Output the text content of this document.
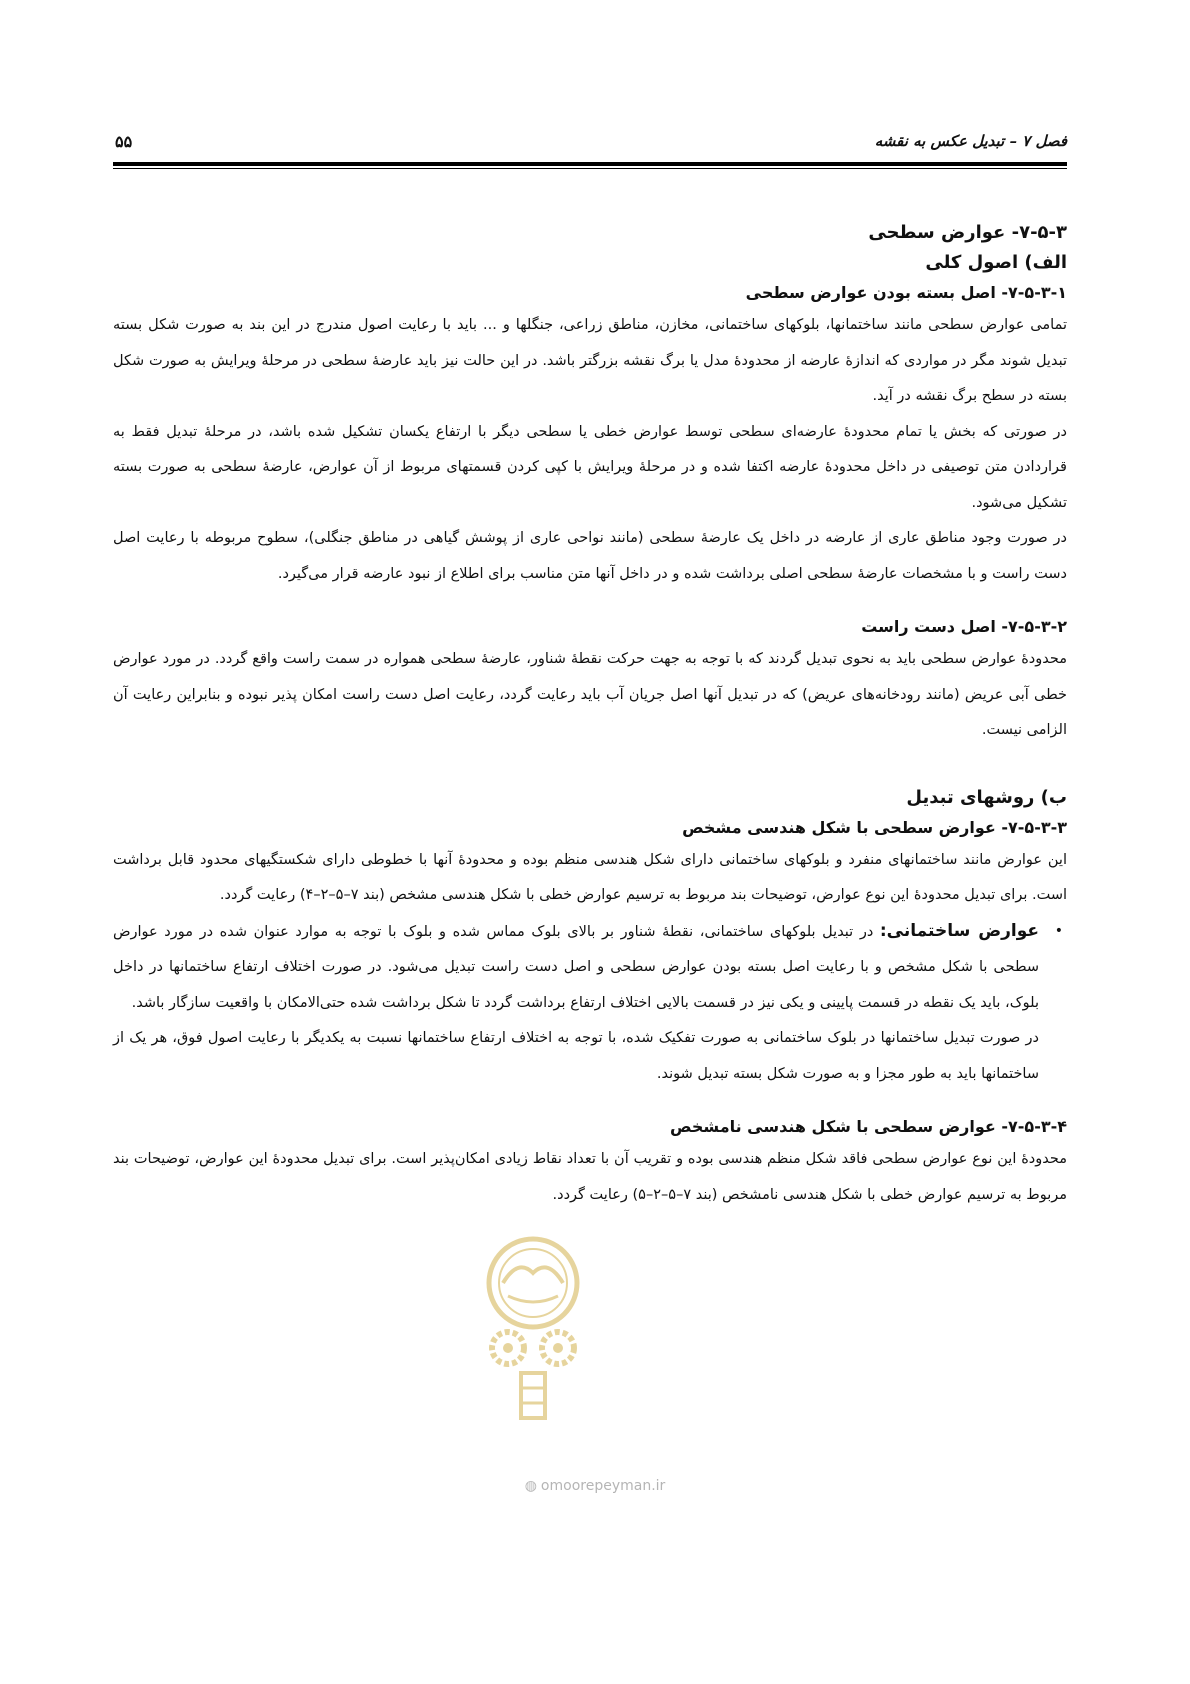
فصل ۷ – تبدیل عکس به نقشه
۵۵

۷-۵-۳- عوارض سطحی

الف) اصول کلی

۷-۵-۳-۱- اصل بسته بودن عوارض سطحی

تمامی عوارض سطحی مانند ساختمانها، بلوکهای ساختمانی، مخازن، مناطق زراعی، جنگلها و ... باید با رعایت اصول مندرج در این بند به صورت شکل بسته تبدیل شوند مگر در مواردی که اندازهٔ عارضه از محدودهٔ مدل یا برگ نقشه بزرگتر باشد. در این حالت نیز باید عارضهٔ سطحی در مرحلهٔ ویرایش به صورت شکل بسته در سطح برگ نقشه در آید.

در صورتی که بخش یا تمام محدودهٔ عارضه‌ای سطحی توسط عوارض خطی یا سطحی دیگر با ارتفاع یکسان تشکیل شده باشد، در مرحلهٔ تبدیل فقط به قراردادن متن توصیفی در داخل محدودهٔ عارضه اکتفا شده و در مرحلهٔ ویرایش با کپی کردن قسمتهای مربوط از آن عوارض، عارضهٔ سطحی به صورت بسته تشکیل می‌شود.

در صورت وجود مناطق عاری از عارضه در داخل یک عارضهٔ سطحی (مانند نواحی عاری از پوشش گیاهی در مناطق جنگلی)، سطوح مربوطه با رعایت اصل دست راست و با مشخصات عارضهٔ سطحی اصلی برداشت شده و در داخل آنها متن مناسب برای اطلاع از نبود عارضه قرار می‌گیرد.

۷-۵-۳-۲- اصل دست راست

محدودهٔ عوارض سطحی باید به نحوی تبدیل گردند که با توجه به جهت حرکت نقطهٔ شناور، عارضهٔ سطحی همواره در سمت راست واقع گردد. در مورد عوارض خطی آبی عریض (مانند رودخانه‌های عریض) که در تبدیل آنها اصل جریان آب باید رعایت گردد، رعایت اصل دست راست امکان پذیر نبوده و بنابراین رعایت آن الزامی نیست.

ب) روشهای تبدیل

۷-۵-۳-۳- عوارض سطحی با شکل هندسی مشخص

این عوارض مانند ساختمانهای منفرد و بلوکهای ساختمانی دارای شکل هندسی منظم بوده و محدودهٔ آنها با خطوطی دارای شکستگیهای محدود قابل برداشت است. برای تبدیل محدودهٔ این نوع عوارض، توضیحات بند مربوط به ترسیم عوارض خطی با شکل هندسی مشخص (بند ۷–۵–۲–۴) رعایت گردد.

•

عوارض ساختمانی: در تبدیل بلوکهای ساختمانی، نقطهٔ شناور بر بالای بلوک مماس شده و بلوک با توجه به موارد عنوان شده در مورد عوارض سطحی با شکل مشخص و با رعایت اصل بسته بودن عوارض سطحی و اصل دست راست تبدیل می‌شود. در صورت اختلاف ارتفاع ساختمانها در داخل بلوک، باید یک نقطه در قسمت پایینی و یکی نیز در قسمت بالایی اختلاف ارتفاع برداشت گردد تا شکل برداشت شده حتی‌الامکان با واقعیت سازگار باشد.

در صورت تبدیل ساختمانها در بلوک ساختمانی به صورت تفکیک شده، با توجه به اختلاف ارتفاع ساختمانها نسبت به یکدیگر با رعایت اصول فوق، هر یک از ساختمانها باید به طور مجزا و به صورت شکل بسته تبدیل شوند.

۷-۵-۳-۴- عوارض سطحی با شکل هندسی نامشخص

محدودهٔ این نوع عوارض سطحی فاقد شکل منظم هندسی بوده و تقریب آن با تعداد نقاط زیادی امکان‌پذیر است. برای تبدیل محدودهٔ این عوارض، توضیحات بند مربوط به ترسیم عوارض خطی با شکل هندسی نامشخص (بند ۷–۵–۲–۵) رعایت گردد.

◍ omoorepeyman.ir
